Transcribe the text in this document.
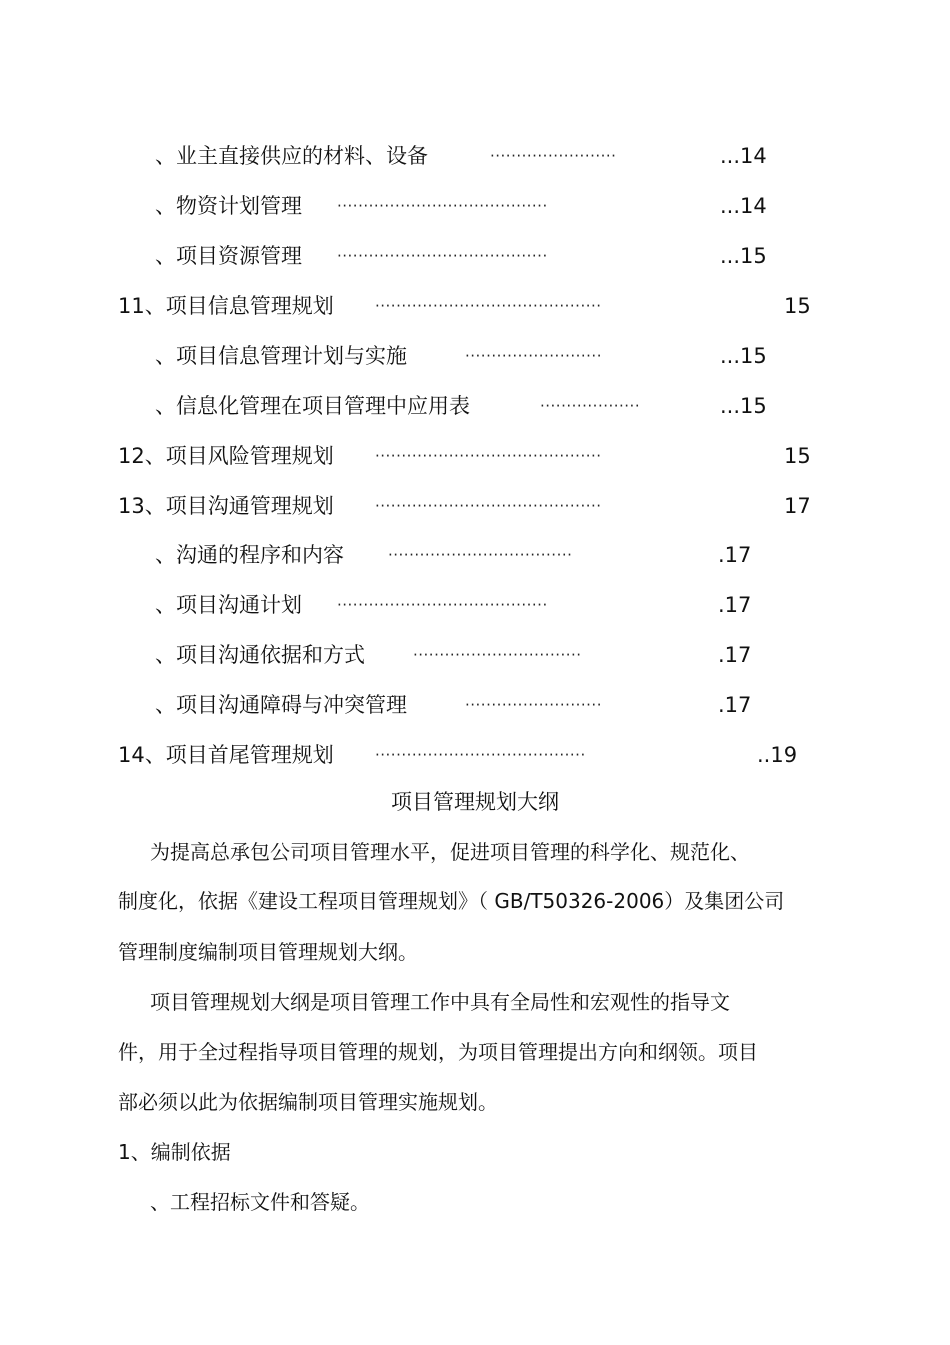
、业主直接供应的材料、设备	························	...14
、物资计划管理 ········································	...14
、项目资源管理 ········································	...15
11、项目信息管理规划	···········································	15
、项目信息管理计划与实施	··························	...15
、信息化管理在项目管理中应用表	···················	...15
12、项目风险管理规划	···········································	15
13、项目沟通管理规划	···········································	17
、沟通的程序和内容	···································	.17
、项目沟通计划 ········································	.17
、项目沟通依据和方式	································	.17
、项目沟通障碍与冲突管理	··························	.17
14、项目首尾管理规划	········································	..19
项目管理规划大纲
为提高总承包公司项目管理水平，促进项目管理的科学化、规范化、
制度化，依据《建设工程项目管理规划》（ GB/T50326-2006）及集团公司
管理制度编制项目管理规划大纲。
项目管理规划大纲是项目管理工作中具有全局性和宏观性的指导文
件，用于全过程指导项目管理的规划，为项目管理提出方向和纲领。项目
部必须以此为依据编制项目管理实施规划。
1、编制依据
、工程招标文件和答疑。
